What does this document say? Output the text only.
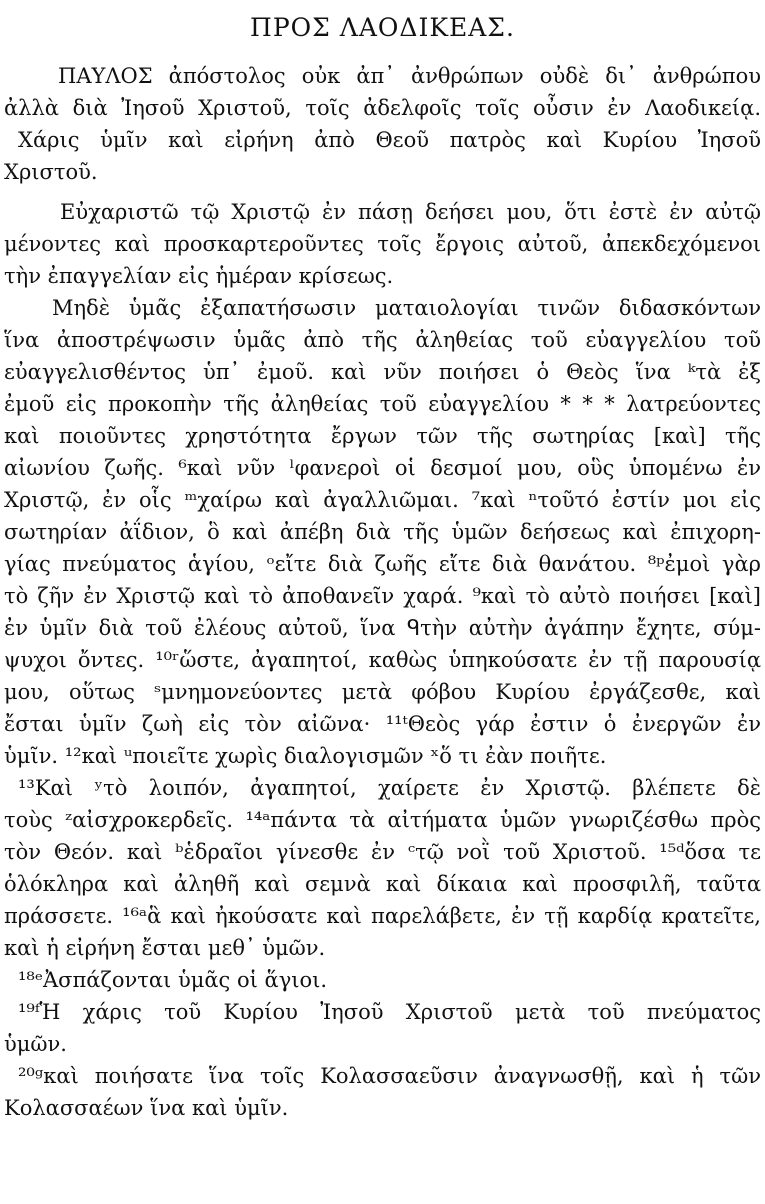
ΠΡΟΣ ΛΑΟΔΙΚΕΑΣ.

ΠΑΥΛΟΣ ἀπόστολος οὐκ ἀπ᾽ ἀνθρώπων οὐδὲ δι᾽ ἀνθρώπου

ἀλλὰ διὰ Ἰησοῦ Χριστοῦ, τοῖς ἀδελφοῖς τοῖς οὖσιν ἐν Λαοδικείᾳ.

Χάρις ὑμῖν καὶ εἰρήνη ἀπὸ Θεοῦ πατρὸς καὶ Κυρίου Ἰησοῦ

Χριστοῦ.

Εὐχαριστῶ τῷ Χριστῷ ἐν πάσῃ δεήσει μου, ὅτι ἐστὲ ἐν αὐτῷ

μένοντες καὶ προσκαρτεροῦντες τοῖς ἔργοις αὐτοῦ, ἀπεκδεχόμενοι

τὴν ἐπαγγελίαν εἰς ἡμέραν κρίσεως.

Μηδὲ ὑμᾶς ἐξαπατήσωσιν ματαιολογίαι τινῶν διδασκόντων

ἵνα ἀποστρέψωσιν ὑμᾶς ἀπὸ τῆς ἀληθείας τοῦ εὐαγγελίου τοῦ

εὐαγγελισθέντος ὑπ᾽ ἐμοῦ. καὶ νῦν ποιήσει ὁ Θεὸς ἵνα ᵏτὰ ἐξ

ἐμοῦ εἰς προκοπὴν τῆς ἀληθείας τοῦ εὐαγγελίου * * * λατρεύοντες

καὶ ποιοῦντες χρηστότητα ἔργων τῶν τῆς σωτηρίας [καὶ] τῆς

αἰωνίου ζωῆς. ⁶καὶ νῦν ˡφανεροὶ οἱ δεσμοί μου, οὓς ὑπομένω ἐν

Χριστῷ, ἐν οἷς ᵐχαίρω καὶ ἀγαλλιῶμαι. ⁷καὶ ⁿτοῦτό ἐστίν μοι εἰς

σωτηρίαν ἀΐδιον, ὃ καὶ ἀπέβη διὰ τῆς ὑμῶν δεήσεως καὶ ἐπιχορη-

γίας πνεύματος ἁγίου, ᵒεἴτε διὰ ζωῆς εἴτε διὰ θανάτου. ⁸ᵖἐμοὶ γὰρ

τὸ ζῆν ἐν Χριστῷ καὶ τὸ ἀποθανεῖν χαρά. ⁹καὶ τὸ αὐτὸ ποιήσει [καὶ]

ἐν ὑμῖν διὰ τοῦ ἐλέους αὐτοῦ, ἵνα ᑫτὴν αὐτὴν ἀγάπην ἔχητε, σύμ-

ψυχοι ὄντες. ¹⁰ʳὥστε, ἀγαπητοί, καθὼς ὑπηκούσατε ἐν τῇ παρουσίᾳ

μου, οὕτως ˢμνημονεύοντες μετὰ φόβου Κυρίου ἐργάζεσθε, καὶ

ἔσται ὑμῖν ζωὴ εἰς τὸν αἰῶνα· ¹¹ᵗΘεὸς γάρ ἐστιν ὁ ἐνεργῶν ἐν

ὑμῖν. ¹²καὶ ᵘποιεῖτε χωρὶς διαλογισμῶν ˣὅ τι ἐὰν ποιῆτε.

¹³Καὶ ʸτὸ λοιπόν, ἀγαπητοί, χαίρετε ἐν Χριστῷ. βλέπετε δὲ

τοὺς ᶻαἰσχροκερδεῖς. ¹⁴ᵃπάντα τὰ αἰτήματα ὑμῶν γνωριζέσθω πρὸς

τὸν Θεόν. καὶ ᵇἑδραῖοι γίνεσθε ἐν ᶜτῷ νοῒ τοῦ Χριστοῦ. ¹⁵ᵈὅσα τε

ὁλόκληρα καὶ ἀληθῆ καὶ σεμνὰ καὶ δίκαια καὶ προσφιλῆ, ταῦτα

πράσσετε. ¹⁶ᵃἃ καὶ ἠκούσατε καὶ παρελάβετε, ἐν τῇ καρδίᾳ κρατεῖτε,

καὶ ἡ εἰρήνη ἔσται μεθ᾽ ὑμῶν.

¹⁸ᵉἈσπάζονται ὑμᾶς οἱ ἅγιοι.

¹⁹ᶠἩ χάρις τοῦ Κυρίου Ἰησοῦ Χριστοῦ μετὰ τοῦ πνεύματος

ὑμῶν.

²⁰ᵍκαὶ ποιήσατε ἵνα τοῖς Κολασσαεῦσιν ἀναγνωσθῇ, καὶ ἡ τῶν

Κολασσαέων ἵνα καὶ ὑμῖν.
